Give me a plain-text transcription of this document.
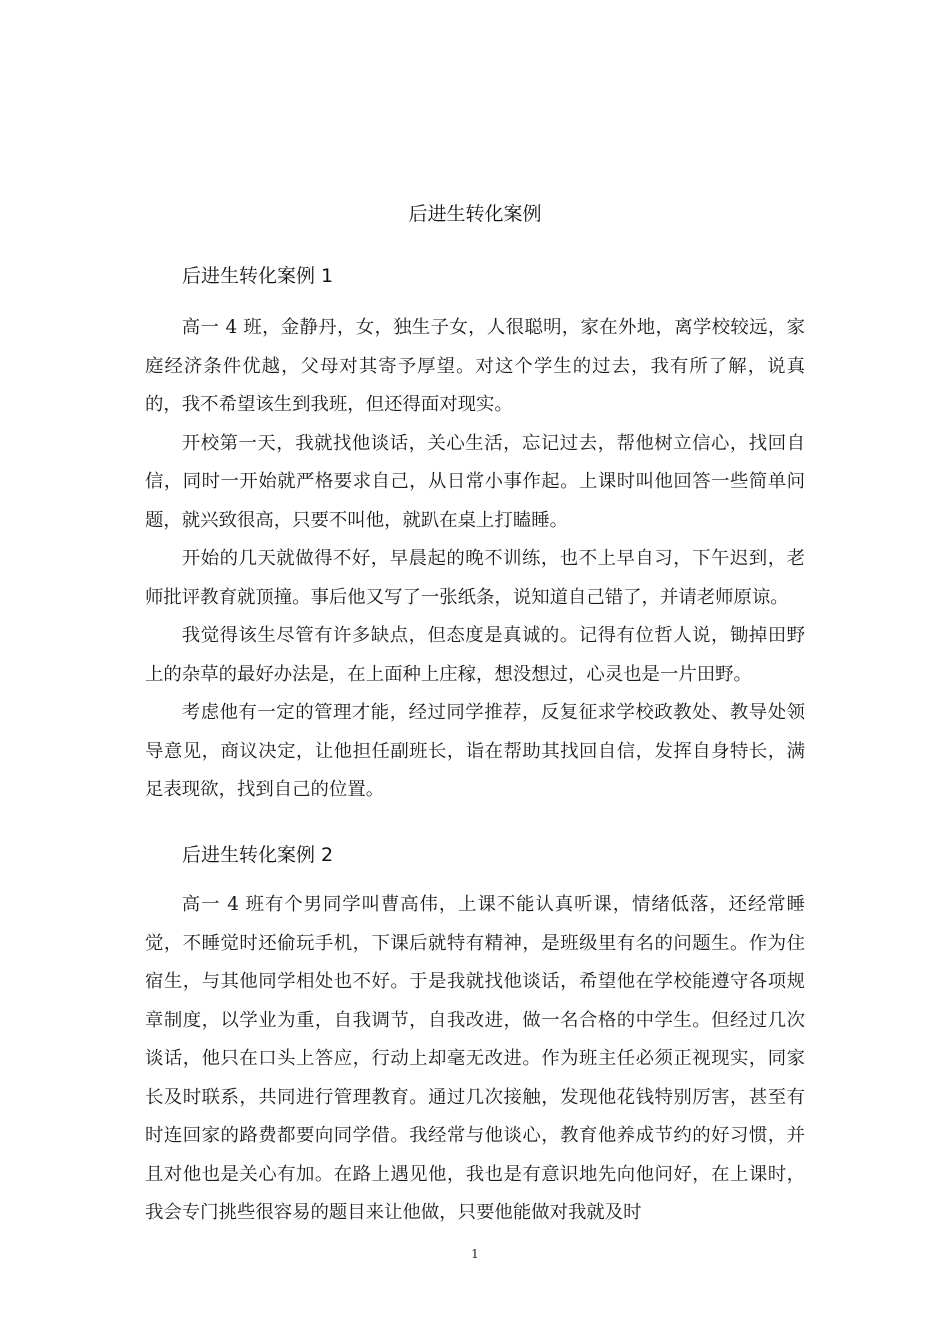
后进生转化案例
后进生转化案例 1

高一 4 班，金静丹，女，独生子女，人很聪明，家在外地，离学校较远，家庭经济条件优越，父母对其寄予厚望。对这个学生的过去，我有所了解，说真的，我不希望该生到我班，但还得面对现实。

开校第一天，我就找他谈话，关心生活，忘记过去，帮他树立信心，找回自信，同时一开始就严格要求自己，从日常小事作起。上课时叫他回答一些简单问题，就兴致很高，只要不叫他，就趴在桌上打瞌睡。

开始的几天就做得不好，早晨起的晚不训练，也不上早自习，下午迟到，老师批评教育就顶撞。事后他又写了一张纸条，说知道自己错了，并请老师原谅。

我觉得该生尽管有许多缺点，但态度是真诚的。记得有位哲人说，锄掉田野上的杂草的最好办法是，在上面种上庄稼，想没想过，心灵也是一片田野。

考虑他有一定的管理才能，经过同学推荐，反复征求学校政教处、教导处领导意见，商议决定，让他担任副班长，诣在帮助其找回自信，发挥自身特长，满足表现欲，找到自己的位置。

后进生转化案例 2

高一 4 班有个男同学叫曹高伟，上课不能认真听课，情绪低落，还经常睡觉，不睡觉时还偷玩手机，下课后就特有精神，是班级里有名的问题生。作为住宿生，与其他同学相处也不好。于是我就找他谈话，希望他在学校能遵守各项规章制度，以学业为重，自我调节，自我改进，做一名合格的中学生。但经过几次谈话，他只在口头上答应，行动上却毫无改进。作为班主任必须正视现实，同家长及时联系，共同进行管理教育。通过几次接触，发现他花钱特别厉害，甚至有时连回家的路费都要向同学借。我经常与他谈心，教育他养成节约的好习惯，并且对他也是关心有加。在路上遇见他，我也是有意识地先向他问好，在上课时，我会专门挑些很容易的题目来让他做，只要他能做对我就及时

1
